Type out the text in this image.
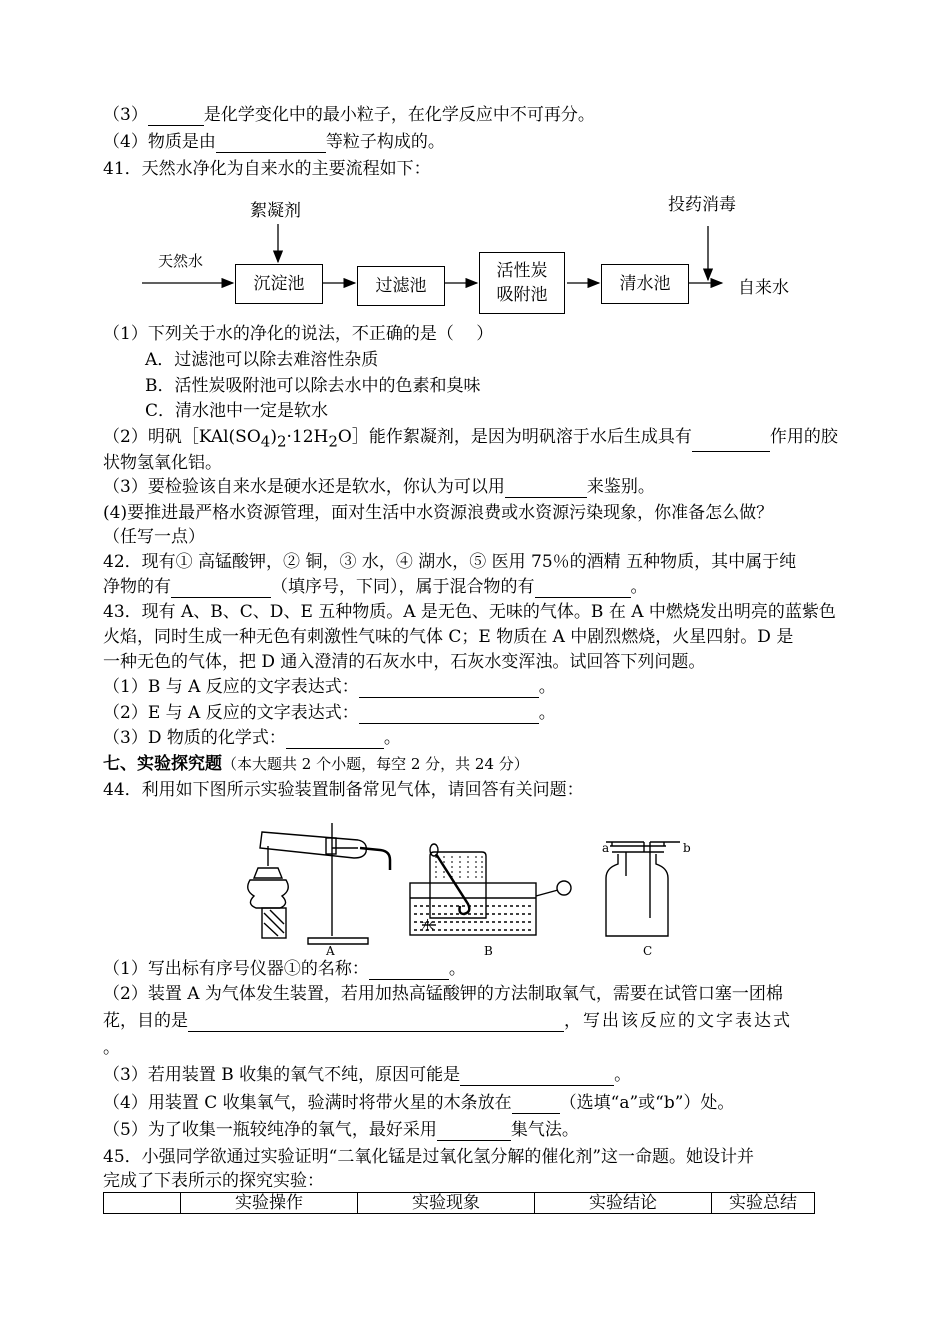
（3）	是化学变化中的最小粒子，在化学反应中不可再分。
（4）物质是由	等粒子构成的。
41．天然水净化为自来水的主要流程如下：
天然水
絮凝剂	投药消毒
沉淀池	过滤池
活性炭
吸附池
清水池	自来水
（1）下列关于水的净化的说法，不正确的是（　 ）
A．过滤池可以除去难溶性杂质
B．活性炭吸附池可以除去水中的色素和臭味
C．清水池中一定是软水
（2）明矾$[KAl(SO_4)_2\cdot 12H_2O]$能作絮凝剂，是因为明矾溶于水后生成具有	作用的胶
状物氢氧化铝。
（3）要检验该自来水是硬水还是软水，你认为可以用	来鉴别。
(4)要推进最严格水资源管理，面对生活中水资源浪费或水资源污染现象，你准备怎么做？
（任写一点）
42．现有① 高锰酸钾，② 铜，③ 水，④ 湖水，⑤ 医用 75％的酒精 五种物质，其中属于纯
净物的有	（填序号，下同），属于混合物的有	。
43．现有 A、B、C、D、E 五种物质。A 是无色、无味的气体。B 在 A 中燃烧发出明亮的蓝紫色
火焰，同时生成一种无色有刺激性气味的气体 C；E 物质在 A 中剧烈燃烧，火星四射。D 是
一种无色的气体，把 D 通入澄清的石灰水中，石灰水变浑浊。试回答下列问题。
（1）B 与 A 反应的文字表达式：	。
（2）E 与 A 反应的文字表达式：	。
（3）D 物质的化学式：	。
七、实验探究题（本大题共 2 个小题，每空 2 分，共 24 分）
44．利用如下图所示实验装置制备常见气体，请回答有关问题：
A	B	C
水
a	b
（1）写出标有序号仪器①的名称：	。
（2）装置 A 为气体发生装置，若用加热高锰酸钾的方法制取氧气，需要在试管口塞一团棉
花，目的是	，写出该反应的文字表达式
。
（3）若用装置 B 收集的氧气不纯，原因可能是	。
（4）用装置 C 收集氧气，验满时将带火星的木条放在	（选填“a”或“b”）处。
（5）为了收集一瓶较纯净的氧气，最好采用	集气法。
45．小强同学欲通过实验证明“二氧化锰是过氧化氢分解的催化剂”这一命题。她设计并
完成了下表所示的探究实验：
	实验操作	实验现象	实验结论	实验总结
